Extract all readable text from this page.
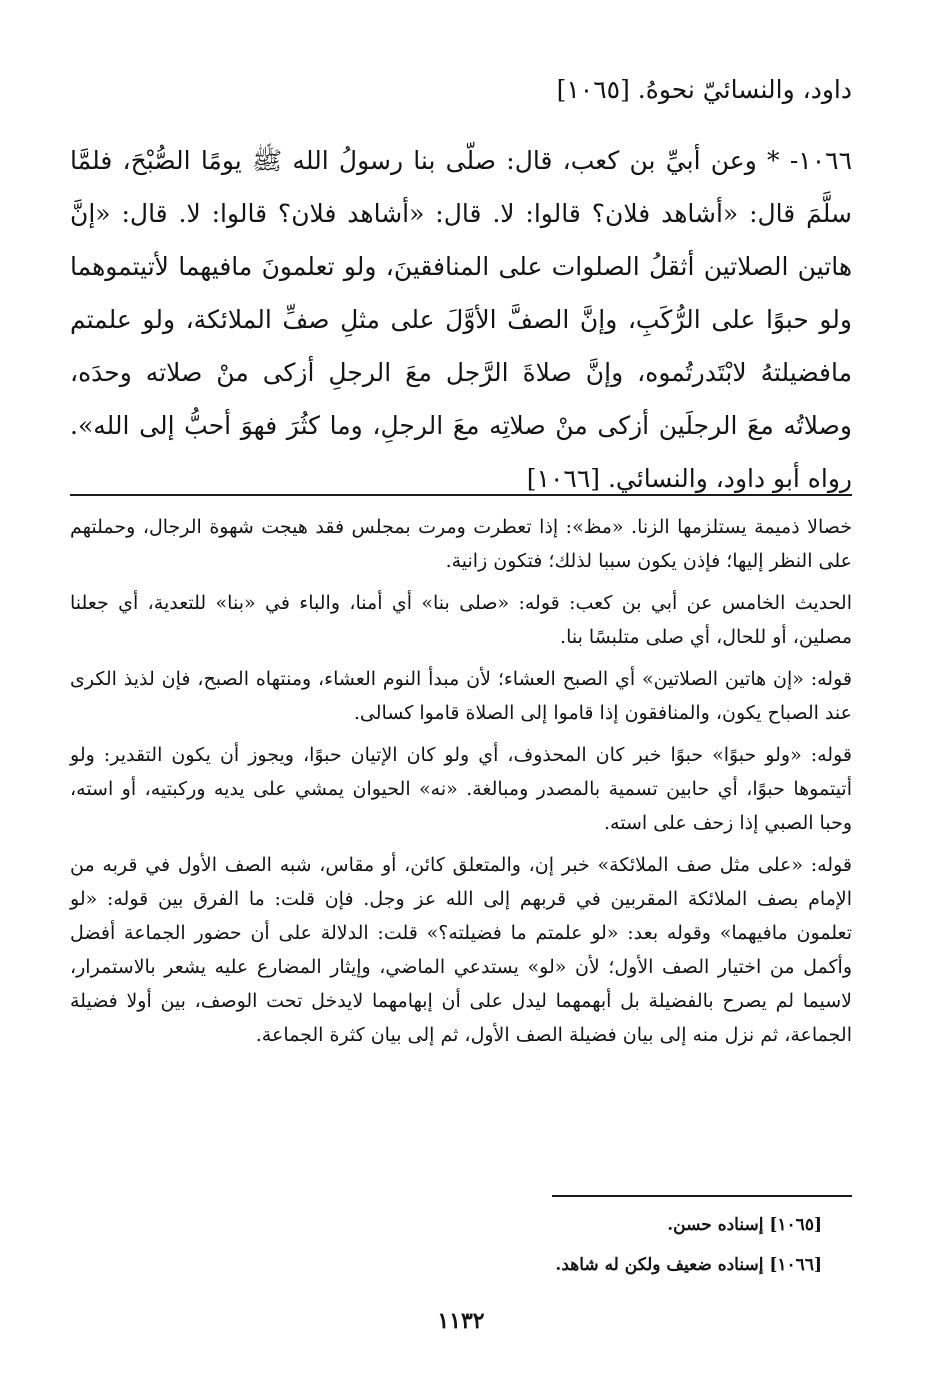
داود، والنسائيّ نحوهُ. [١٠٦٥]
١٠٦٦- * وعن أبيِّ بن كعب، قال: صلّى بنا رسولُ الله ﷺ يومًا الصُّبْحَ، فلمَّا سلَّمَ قال: «أشاهد فلان؟ قالوا: لا. قال: «أشاهد فلان؟ قالوا: لا. قال: «إنَّ هاتين الصلاتين أثقلُ الصلوات على المنافقينَ، ولو تعلمونَ مافيهما لأتيتموهما ولو حبوًا على الرُّكَبِ، وإنَّ الصفَّ الأوَّلَ على مثلِ صفِّ الملائكة، ولو علمتم مافضيلتهُ لابْتَدرتُموه، وإنَّ صلاةَ الرَّجل معَ الرجلِ أزكى منْ صلاته وحدَه، وصلاتُه معَ الرجلَين أزكى منْ صلاتِه معَ الرجلِ، وما كثُرَ فهوَ أحبُّ إلى الله». رواه أبو داود، والنسائي. [١٠٦٦]

خصالا ذميمة يستلزمها الزنا. «مظ»: إذا تعطرت ومرت بمجلس فقد هيجت شهوة الرجال، وحملتهم على النظر إليها؛ فإذن يكون سببا لذلك؛ فتكون زانية.

الحديث الخامس عن أبي بن كعب: قوله: «صلى بنا» أي أمنا، والباء في «بنا» للتعدية، أي جعلنا مصلين، أو للحال، أي صلى متلبسًا بنا.

قوله: «إن هاتين الصلاتين» أي الصبح العشاء؛ لأن مبدأ النوم العشاء، ومنتهاه الصبح، فإن لذيذ الكرى عند الصباح يكون، والمنافقون إذا قاموا إلى الصلاة قاموا كسالى.

قوله: «ولو حبوًا» حبوًا خبر كان المحذوف، أي ولو كان الإتيان حبوًا، ويجوز أن يكون التقدير: ولو أتيتموها حبوًا، أي حابين تسمية بالمصدر ومبالغة. «نه» الحيوان يمشي على يديه وركبتيه، أو استه، وحبا الصبي إذا زحف على استه.

قوله: «على مثل صف الملائكة» خبر إن، والمتعلق كائن، أو مقاس، شبه الصف الأول في قربه من الإمام بصف الملائكة المقربين في قربهم إلى الله عز وجل. فإن قلت: ما الفرق بين قوله: «لو تعلمون مافيهما» وقوله بعد: «لو علمتم ما فضيلته؟» قلت: الدلالة على أن حضور الجماعة أفضل وأكمل من اختيار الصف الأول؛ لأن «لو» يستدعي الماضي، وإيثار المضارع عليه يشعر بالاستمرار، لاسيما لم يصرح بالفضيلة بل أبهمهما ليدل على أن إبهامهما لايدخل تحت الوصف، بين أولا فضيلة الجماعة، ثم نزل منه إلى بيان فضيلة الصف الأول، ثم إلى بيان كثرة الجماعة.

[١٠٦٥] إسناده حسن.

[١٠٦٦] إسناده ضعيف ولكن له شاهد.

١١٣٢
